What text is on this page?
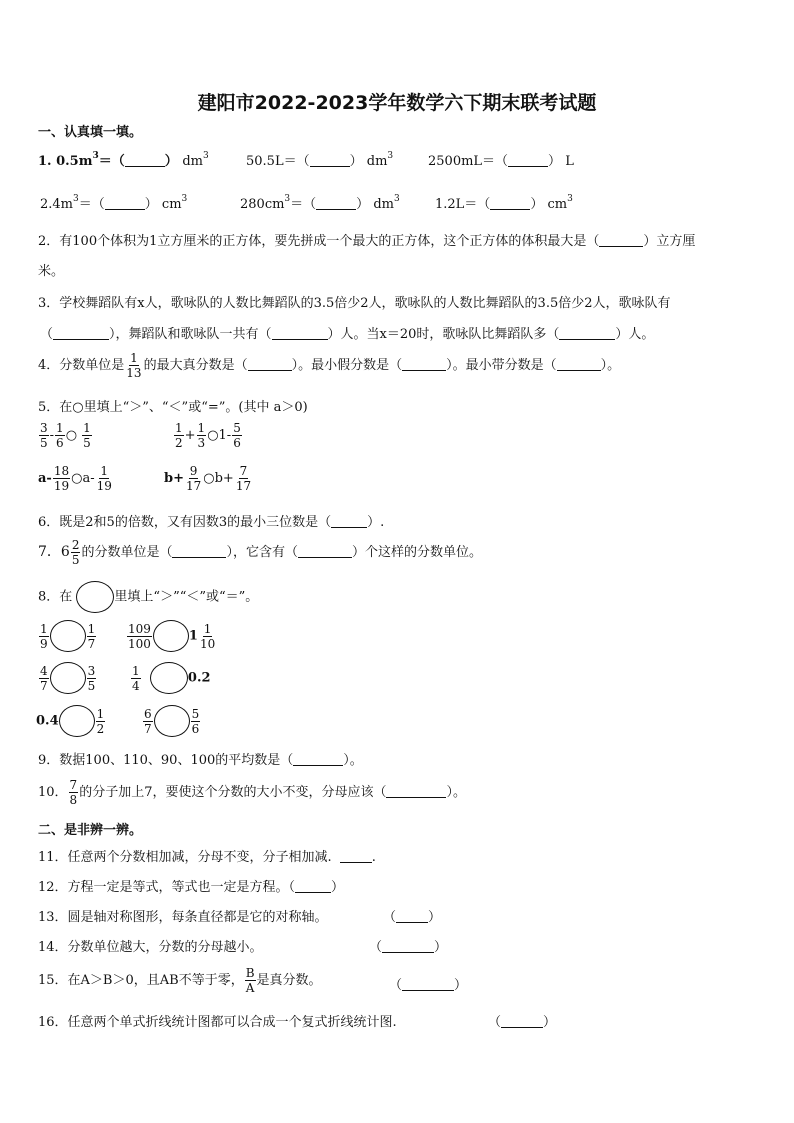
建阳市2022-2023学年数学六下期末联考试题
一、认真填一填。
1. $0.5m^3=$（	） $dm^3$	50.5L＝（	） $dm^3$	2500mL＝（	） L
$2.4m^3=$（	） $cm^3$	$280cm^3=$（	） $dm^3$	1.2L＝（	） $cm^3$
2．有100个体积为1立方厘米的正方体，要先拼成一个最大的正方体，这个正方体的体积最大是（	）立方厘
米。
3．学校舞蹈队有x人，歌咏队的人数比舞蹈队的3.5倍少2人，歌咏队的人数比舞蹈队的3.5倍少2人，歌咏队有
（	），舞蹈队和歌咏队一共有（	）人。当x＝20时，歌咏队比舞蹈队多（	）人。
4．分数单位是 $\frac{1}{13}$ 的最大真分数是（	）。最小假分数是（	）。最小带分数是（	）。
5．在○里填上“＞”、“＜”或“=”。(其中 a＞0)
$\frac{3}{5} - \frac{1}{6}$ ○ $\frac{1}{5}$	$\frac{1}{2} + \frac{1}{3}$ ○1- $\frac{5}{6}$
$a- \frac{18}{19}$ ○a- $\frac{1}{19}$	$b+ \frac{9}{17}$ ○b+ $\frac{7}{17}$
6．既是2和5的倍数，又有因数3的最小三位数是（	）.
7．$6 \frac{2}{5}$ 的分数单位是（	），它含有（	）个这样的分数单位。
8．在	里填上“＞”“＜”或“＝”。
$\frac{1}{9}$	$\frac{1}{7}$	$\frac{109}{100}$	$1 \frac{1}{10}$
$\frac{4}{7}$	$\frac{3}{5}$	$\frac{1}{4}$	0.2
0.4	$\frac{1}{2}$	$\frac{6}{7}$	$\frac{5}{6}$
9．数据100、110、90、100的平均数是（	）。
10． $\frac{7}{8}$ 的分子加上7，要使这个分数的大小不变，分母应该（	）。
二、是非辨一辨。
11．任意两个分数相加减，分母不变，分子相加减.	.
12．方程一定是等式，等式也一定是方程。（	）
13．圆是轴对称图形，每条直径都是它的对称轴。	（ ）
14．分数单位越大，分数的分母越小。	（	）
15．在A＞B＞0，且AB不等于零， $\frac{B}{A}$ 是真分数。	（	）
16．任意两个单式折线统计图都可以合成一个复式折线统计图.	（	）
